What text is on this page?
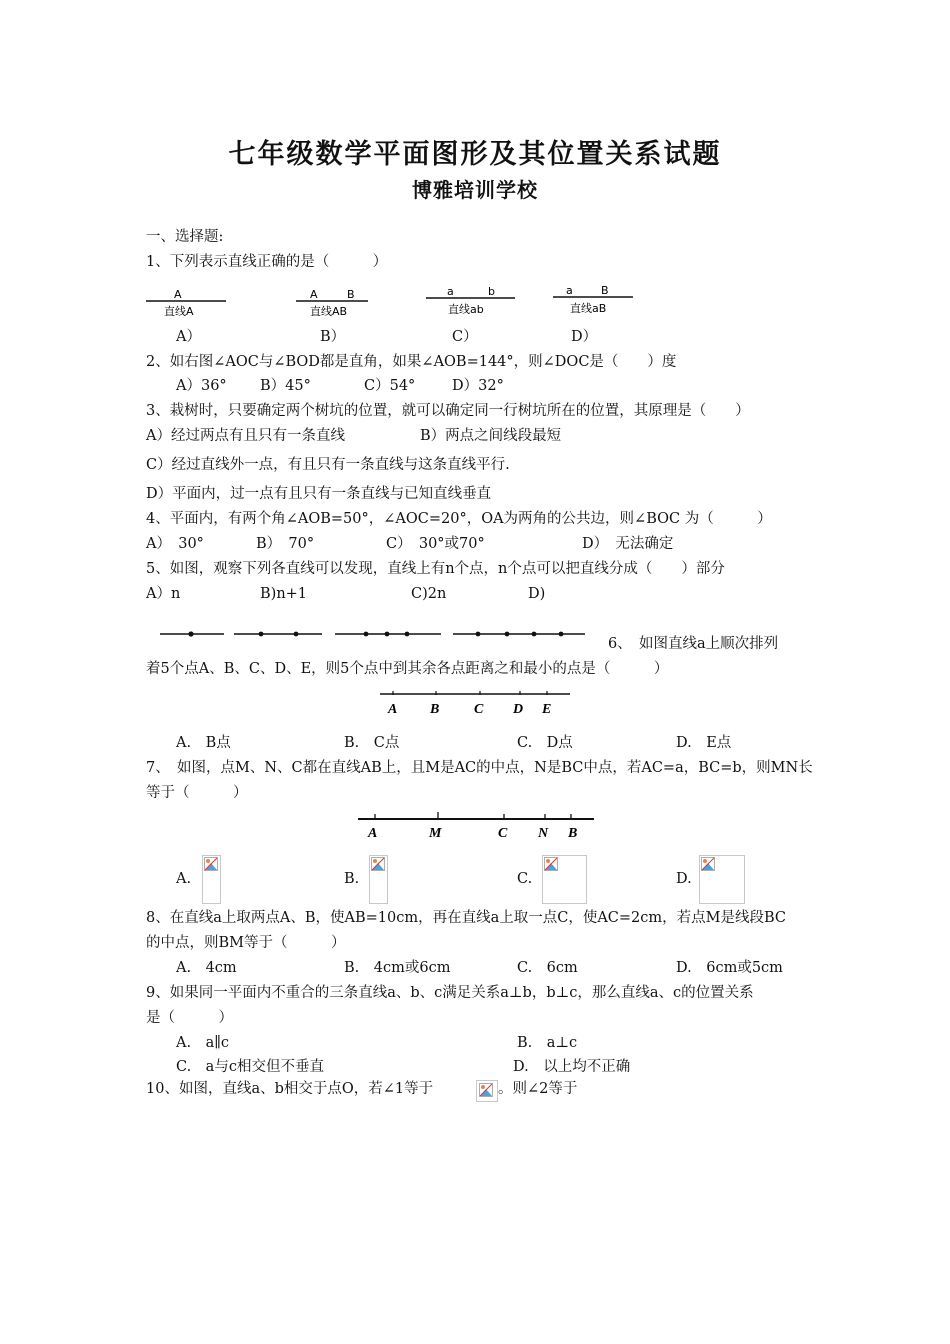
七年级数学平面图形及其位置关系试题
博雅培训学校
一、选择题:
1、下列表示直线正确的是（　　　）
A
直线A
A	B
直线AB
a	b
直线ab
a	B
直线aB
A）	B）	C）	D）
2、如右图∠AOC与∠BOD都是直角，如果∠AOB=144°，则∠DOC是（　　）度
A）36° B）45°	C）54°	D）32°
3、栽树时，只要确定两个树坑的位置，就可以确定同一行树坑所在的位置，其原理是（　　）
A）经过两点有且只有一条直线	B）两点之间线段最短
C）经过直线外一点，有且只有一条直线与这条直线平行.
D）平面内，过一点有且只有一条直线与已知直线垂直
4、平面内，有两个角∠AOB=50°，∠AOC=20°，OA为两角的公共边，则∠BOC 为（　　　）
A）　30°	B）　70°	C）　30°或70°	D）　无法确定
5、如图，观察下列各直线可以发现，直线上有n个点，n个点可以把直线分成（　　）部分
A）n	B)n+1	C)2n	D)
6、　如图直线a上顺次排列
着5个点A、B、C、D、E，则5个点中到其余各点距离之和最小的点是（　　　）
A B C D E
A.　B点	B.　C点	C.　D点	D.　E点
7、　如图，点M、N、C都在直线AB上，且M是AC的中点，N是BC中点，若AC=a，BC=b，则MN长
等于（　　　）
A	M	C N B
A.	B.	C.	D.
8、在直线a上取两点A、B，使AB=10cm，再在直线a上取一点C，使AC=2cm，若点M是线段BC
的中点，则BM等于（　　　）
A.　4cm	B.　4cm或6cm	C.　6cm	D.　6cm或5cm
9、如果同一平面内不重合的三条直线a、b、c满足关系a⊥b，b⊥c，那么直线a、c的位置关系
是（　　　）
A.　a∥c	B.　a⊥c
C.　a与c相交但不垂直	D.　以上均不正确
10、如图，直线a、b相交于点O，若∠1等于	。则∠2等于
